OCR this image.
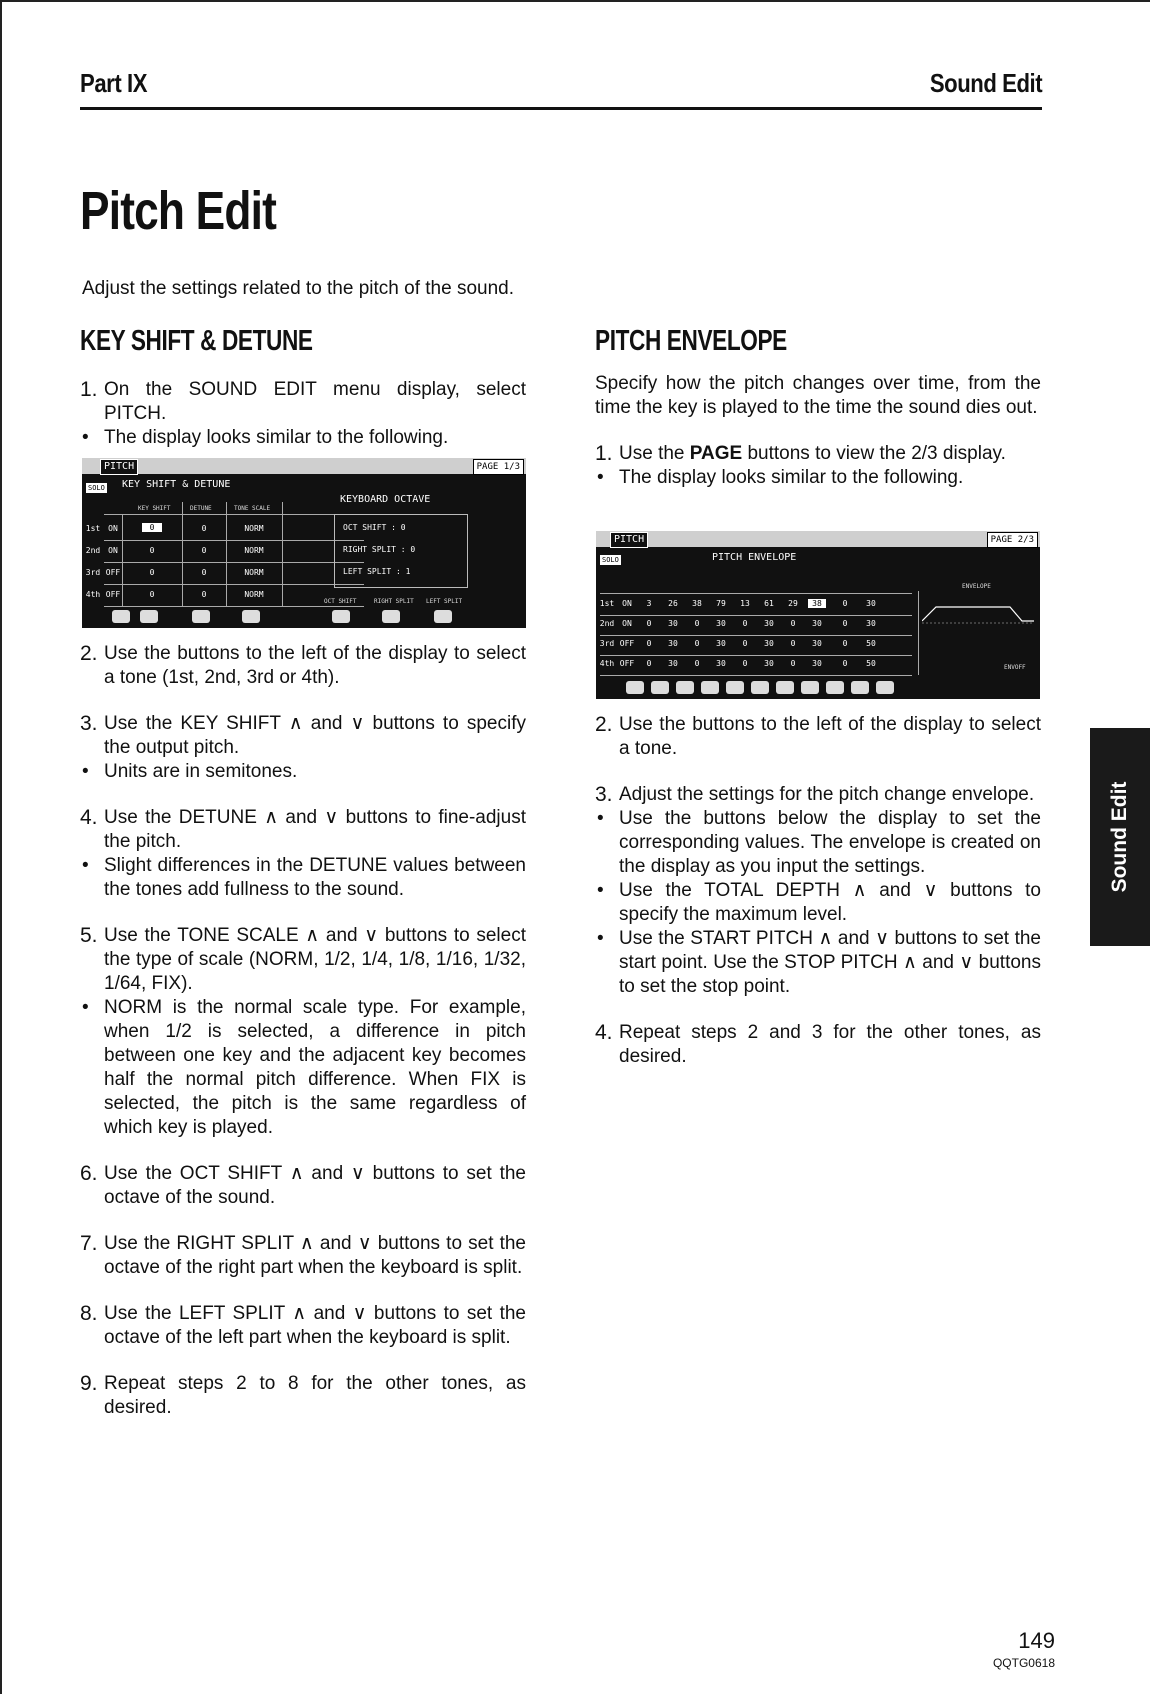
Part IX	Sound Edit
Pitch Edit
Adjust the settings related to the pitch of the sound.
KEY SHIFT & DETUNE
1. On the SOUND EDIT menu display, select PITCH.

• The display looks similar to the following.
PITCH	PAGE 1/3
SOLO KEY SHIFT & DETUNE
KEY SHIFT	DETUNE	TONE SCALE
1st ON	0	0	NORM
2nd ON	0	0	NORM
3rd OFF	0	0	NORM
4th OFF	0	0	NORM
KEYBOARD OCTAVE
OCT SHIFT : 0
RIGHT SPLIT : 0
LEFT SPLIT : 1
OCT SHIFT	RIGHT SPLIT LEFT SPLIT
2. Use the buttons to the left of the display to select a tone (1st, 2nd, 3rd or 4th).

3. Use the KEY SHIFT ∧ and ∨ buttons to specify the output pitch.

• Units are in semitones.
4. Use the DETUNE ∧ and ∨ buttons to fine-adjust the pitch.

• Slight differences in the DETUNE values between the tones add fullness to the sound.
5. Use the TONE SCALE ∧ and ∨ buttons to select the type of scale (NORM, 1/2, 1/4, 1/8, 1/16, 1/32, 1/64, FIX).

• NORM is the normal scale type. For example, when 1/2 is selected, a difference in pitch between one key and the adjacent key becomes half the normal pitch difference. When FIX is selected, the pitch is the same regardless of which key is played.
6. Use the OCT SHIFT ∧ and ∨ buttons to set the octave of the sound.

7. Use the RIGHT SPLIT ∧ and ∨ buttons to set the octave of the right part when the keyboard is split.

8. Use the LEFT SPLIT ∧ and ∨ buttons to set the octave of the left part when the keyboard is split.

9. Repeat steps 2 to 8 for the other tones, as desired.

PITCH ENVELOPE

Specify how the pitch changes over time, from the time the key is played to the time the sound dies out.

1. Use the PAGE buttons to view the 2/3 display.

• The display looks similar to the following.
PITCH	PAGE 2/3
SOLO	PITCH ENVELOPE
ENVELOPE
ENVOFF
1st ON	3	26	38	79	13	61	29	38	0	30
2nd ON	0	30	0	30	0	30	0	30	0	30
3rd OFF	0	30	0	30	0	30	0	30	0	50
4th OFF	0	30	0	30	0	30	0	30	0	50
2. Use the buttons to the left of the display to select a tone.

3. Adjust the settings for the pitch change envelope.

• Use the buttons below the display to set the corresponding values. The envelope is created on the display as you input the settings.
• Use the TOTAL DEPTH ∧ and ∨ buttons to specify the maximum level.
• Use the START PITCH ∧ and ∨ buttons to set the start point. Use the STOP PITCH ∧ and ∨ buttons to set the stop point.
4. Repeat steps 2 and 3 for the other tones, as desired.

Sound Edit
149
QQTG0618
